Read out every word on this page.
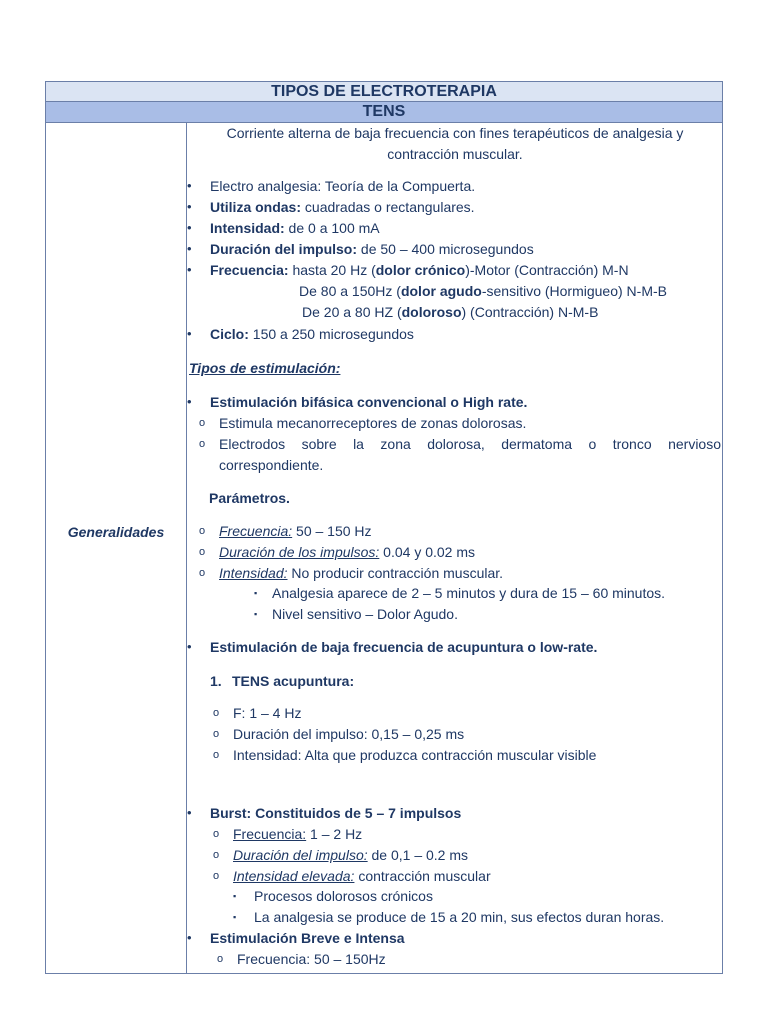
TIPOS DE ELECTROTERAPIA
TENS
Generalidades
Corriente alterna de baja frecuencia con fines terapéuticos de analgesia y
contracción muscular.
• Electro analgesia: Teoría de la Compuerta.
• Utiliza ondas: cuadradas o rectangulares.
• Intensidad: de 0 a 100 mA
• Duración del impulso: de 50 – 400 microsegundos
• Frecuencia: hasta 20 Hz (dolor crónico)-Motor (Contracción) M-N
De 80 a 150Hz (dolor agudo-sensitivo (Hormigueo) N-M-B
De 20 a 80 HZ (doloroso) (Contracción) N-M-B
• Ciclo: 150 a 250 microsegundos
Tipos de estimulación:
• Estimulación bifásica convencional o High rate.
o Estimula mecanorreceptores de zonas dolorosas.
o Electrodos sobre la zona dolorosa, dermatoma o tronco nervioso
correspondiente.
Parámetros.
o Frecuencia: 50 – 150 Hz
o Duración de los impulsos: 0.04 y 0.02 ms
o Intensidad: No producir contracción muscular.
▪ Analgesia aparece de 2 – 5 minutos y dura de 15 – 60 minutos.
▪ Nivel sensitivo – Dolor Agudo.
• Estimulación de baja frecuencia de acupuntura o low-rate.
1. TENS acupuntura:
o F: 1 – 4 Hz
o Duración del impulso: 0,15 – 0,25 ms
o Intensidad: Alta que produzca contracción muscular visible
• Burst: Constituidos de 5 – 7 impulsos
o Frecuencia: 1 – 2 Hz
o Duración del impulso: de 0,1 – 0.2 ms
o Intensidad elevada: contracción muscular
▪ Procesos dolorosos crónicos
▪ La analgesia se produce de 15 a 20 min, sus efectos duran horas.
• Estimulación Breve e Intensa
o Frecuencia: 50 – 150Hz
